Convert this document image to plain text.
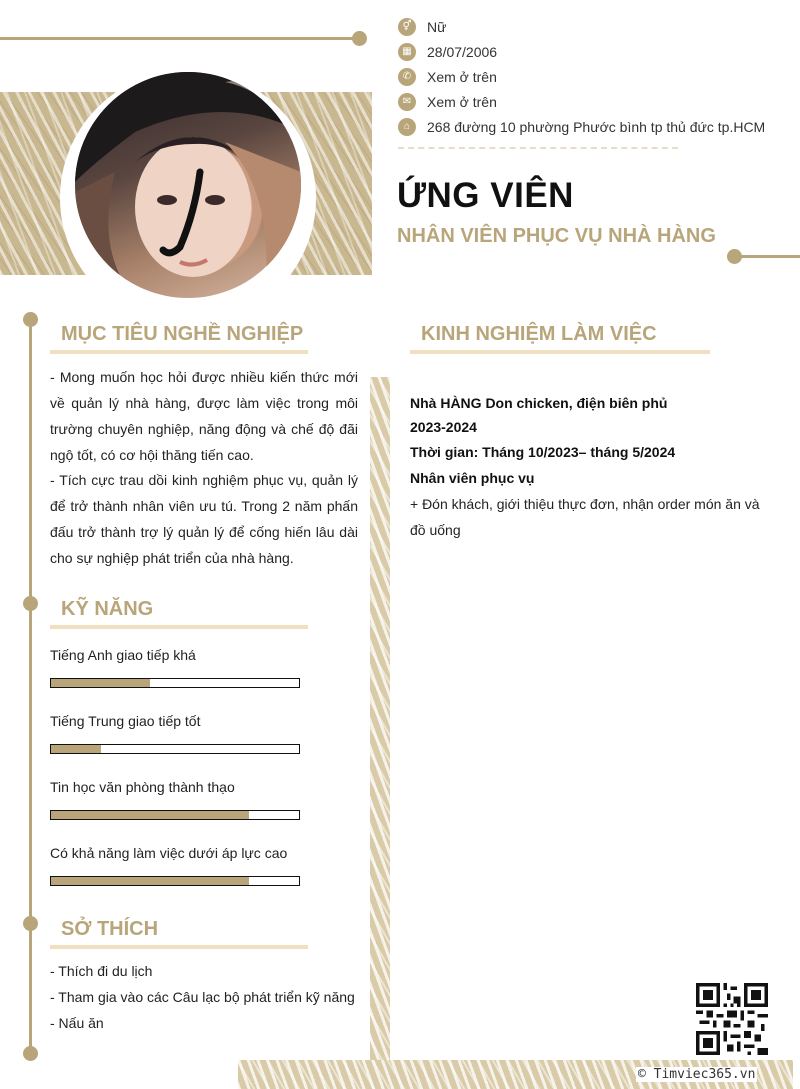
⚥	Nữ
▦	28/07/2006
✆	Xem ở trên
✉	Xem ở trên
⌂	268 đường 10 phường Phước bình tp thủ đức tp.HCM
ỨNG VIÊN
NHÂN VIÊN PHỤC VỤ NHÀ HÀNG
MỤC TIÊU NGHỀ NGHIỆP
- Mong muốn học hỏi được nhiều kiến thức mới về quản lý nhà hàng, được làm việc trong môi trường chuyên nghiệp, năng động và chế độ đãi ngộ tốt, có cơ hội thăng tiến cao.
- Tích cực trau dồi kinh nghiệm phục vụ, quản lý để trở thành nhân viên ưu tú. Trong 2 năm phấn đấu trở thành trợ lý quản lý để cống hiến lâu dài cho sự nghiệp phát triển của nhà hàng.
KỸ NĂNG
Tiếng Anh giao tiếp khá
Tiếng Trung giao tiếp tốt
Tin học văn phòng thành thạo
Có khả năng làm việc dưới áp lực cao
SỞ THÍCH
- Thích đi du lịch
- Tham gia vào các Câu lạc bộ phát triển kỹ năng
- Nấu ăn
KINH NGHIỆM LÀM VIỆC
Nhà HÀNG Don chicken, điện biên phủ
2023-2024
Thời gian: Tháng 10/2023– tháng 5/2024
Nhân viên phục vụ
+ Đón khách, giới thiệu thực đơn, nhận order món ăn và đồ uống
© Timviec365.vn
